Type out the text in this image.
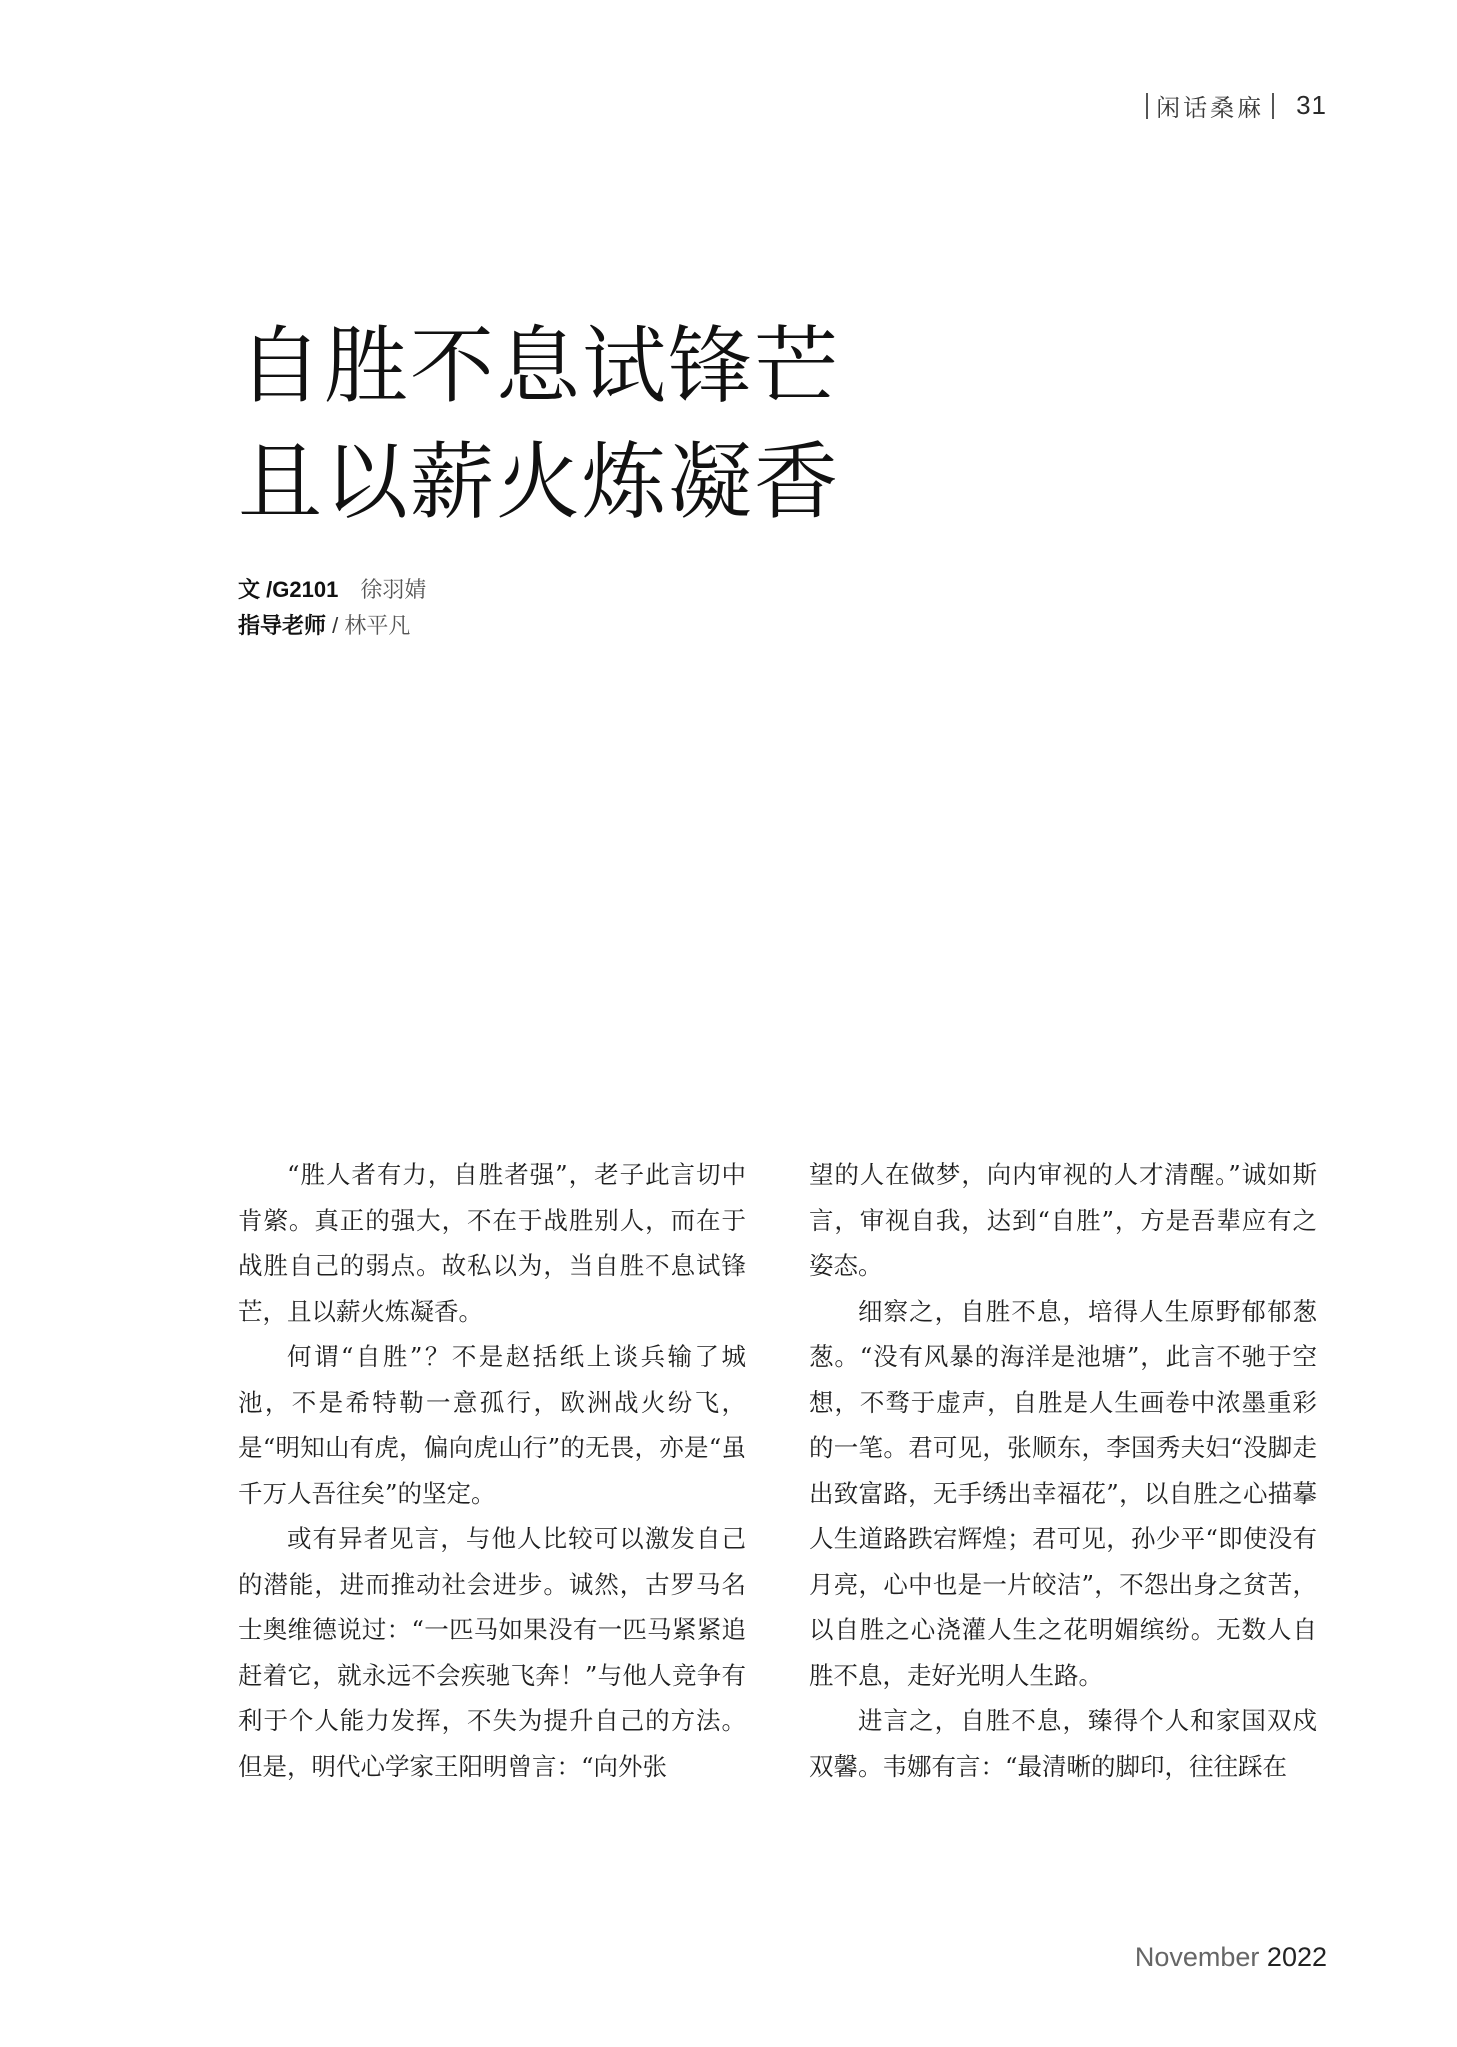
闲话桑麻 31
自胜不息试锋芒
且以薪火炼凝香
文 /G2101 徐羽婧
指导老师 / 林平凡

“胜人者有力，自胜者强”，老子此言切中肯綮。真正的强大，不在于战胜别人，而在于战胜自己的弱点。故私以为，当自胜不息试锋芒，且以薪火炼凝香。

何谓“自胜”？不是赵括纸上谈兵输了城池，不是希特勒一意孤行，欧洲战火纷飞，是“明知山有虎，偏向虎山行”的无畏，亦是“虽千万人吾往矣”的坚定。

或有异者见言，与他人比较可以激发自己的潜能，进而推动社会进步。诚然，古罗马名士奥维德说过：“一匹马如果没有一匹马紧紧追赶着它，就永远不会疾驰飞奔！”与他人竞争有利于个人能力发挥，不失为提升自己的方法。但是，明代心学家王阳明曾言：“向外张

望的人在做梦，向内审视的人才清醒。”诚如斯言，审视自我，达到“自胜”，方是吾辈应有之姿态。

细察之，自胜不息，培得人生原野郁郁葱葱。“没有风暴的海洋是池塘”，此言不驰于空想，不骛于虚声，自胜是人生画卷中浓墨重彩的一笔。君可见，张顺东，李国秀夫妇“没脚走出致富路，无手绣出幸福花”，以自胜之心描摹人生道路跌宕辉煌；君可见，孙少平“即使没有月亮，心中也是一片皎洁”，不怨出身之贫苦，以自胜之心浇灌人生之花明媚缤纷。无数人自胜不息，走好光明人生路。

进言之，自胜不息，臻得个人和家国双戍双馨。韦娜有言：“最清晰的脚印，往往踩在

November 2022
